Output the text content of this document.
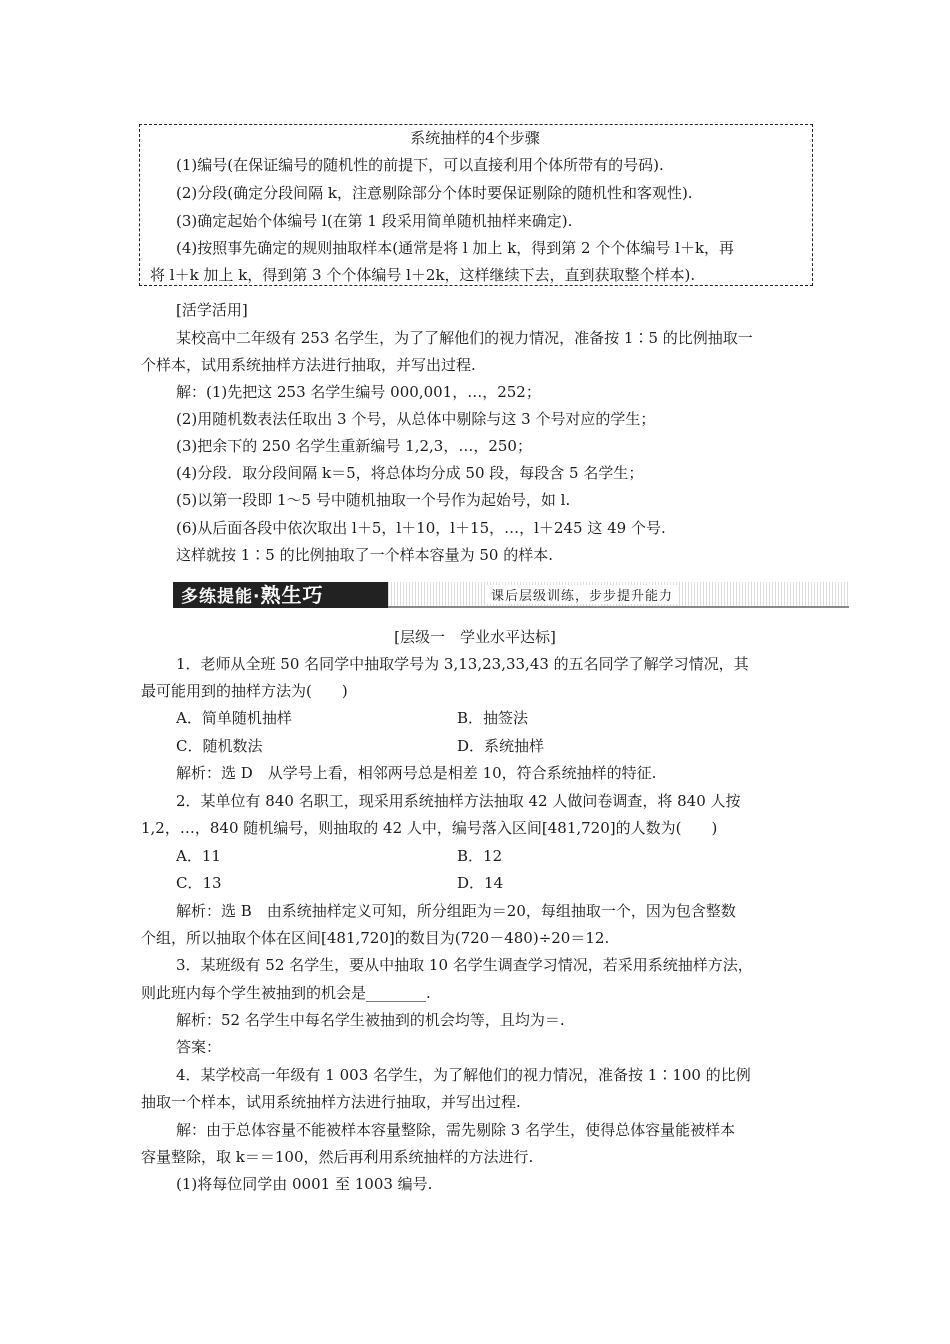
系统抽样的4个步骤
(1)编号(在保证编号的随机性的前提下，可以直接利用个体所带有的号码).
(2)分段(确定分段间隔 k，注意剔除部分个体时要保证剔除的随机性和客观性).
(3)确定起始个体编号 l(在第 1 段采用简单随机抽样来确定).
(4)按照事先确定的规则抽取样本(通常是将 l 加上 k，得到第 2 个个体编号 l＋k，再
将 l＋k 加上 k，得到第 3 个个体编号 l＋2k，这样继续下去，直到获取整个样本).
[活学活用]
某校高中二年级有 253 名学生，为了了解他们的视力情况，准备按 1∶5 的比例抽取一
个样本，试用系统抽样方法进行抽取，并写出过程.
解：(1)先把这 253 名学生编号 000,001，…，252；
(2)用随机数表法任取出 3 个号，从总体中剔除与这 3 个号对应的学生；
(3)把余下的 250 名学生重新编号 1,2,3，…，250；
(4)分段．取分段间隔 k＝5，将总体均分成 50 段，每段含 5 名学生；
(5)以第一段即 1～5 号中随机抽取一个号作为起始号，如 l.
(6)从后面各段中依次取出 l＋5，l＋10，l＋15，…，l＋245 这 49 个号.
这样就按 1∶5 的比例抽取了一个样本容量为 50 的样本.
多练提能·熟生巧	课后层级训练，步步提升能力
[层级一　学业水平达标]
1．老师从全班 50 名同学中抽取学号为 3,13,23,33,43 的五名同学了解学习情况，其
最可能用到的抽样方法为(　　)
A．简单随机抽样	B．抽签法
C．随机数法	D．系统抽样
解析：选 D　从学号上看，相邻两号总是相差 10，符合系统抽样的特征.
2．某单位有 840 名职工，现采用系统抽样方法抽取 42 人做问卷调查，将 840 人按
1,2，…，840 随机编号，则抽取的 42 人中，编号落入区间[481,720]的人数为(　　)
A．11	B．12
C．13	D．14
解析：选 B　由系统抽样定义可知，所分组距为＝20，每组抽取一个，因为包含整数
个组，所以抽取个体在区间[481,720]的数目为(720－480)÷20＝12.
3．某班级有 52 名学生，要从中抽取 10 名学生调查学习情况，若采用系统抽样方法，
则此班内每个学生被抽到的机会是________.
解析：52 名学生中每名学生被抽到的机会均等，且均为＝.
答案：
4．某学校高一年级有 1 003 名学生，为了解他们的视力情况，准备按 1∶100 的比例
抽取一个样本，试用系统抽样方法进行抽取，并写出过程.
解：由于总体容量不能被样本容量整除，需先剔除 3 名学生，使得总体容量能被样本
容量整除，取 k＝＝100，然后再利用系统抽样的方法进行.
(1)将每位同学由 0001 至 1003 编号.
